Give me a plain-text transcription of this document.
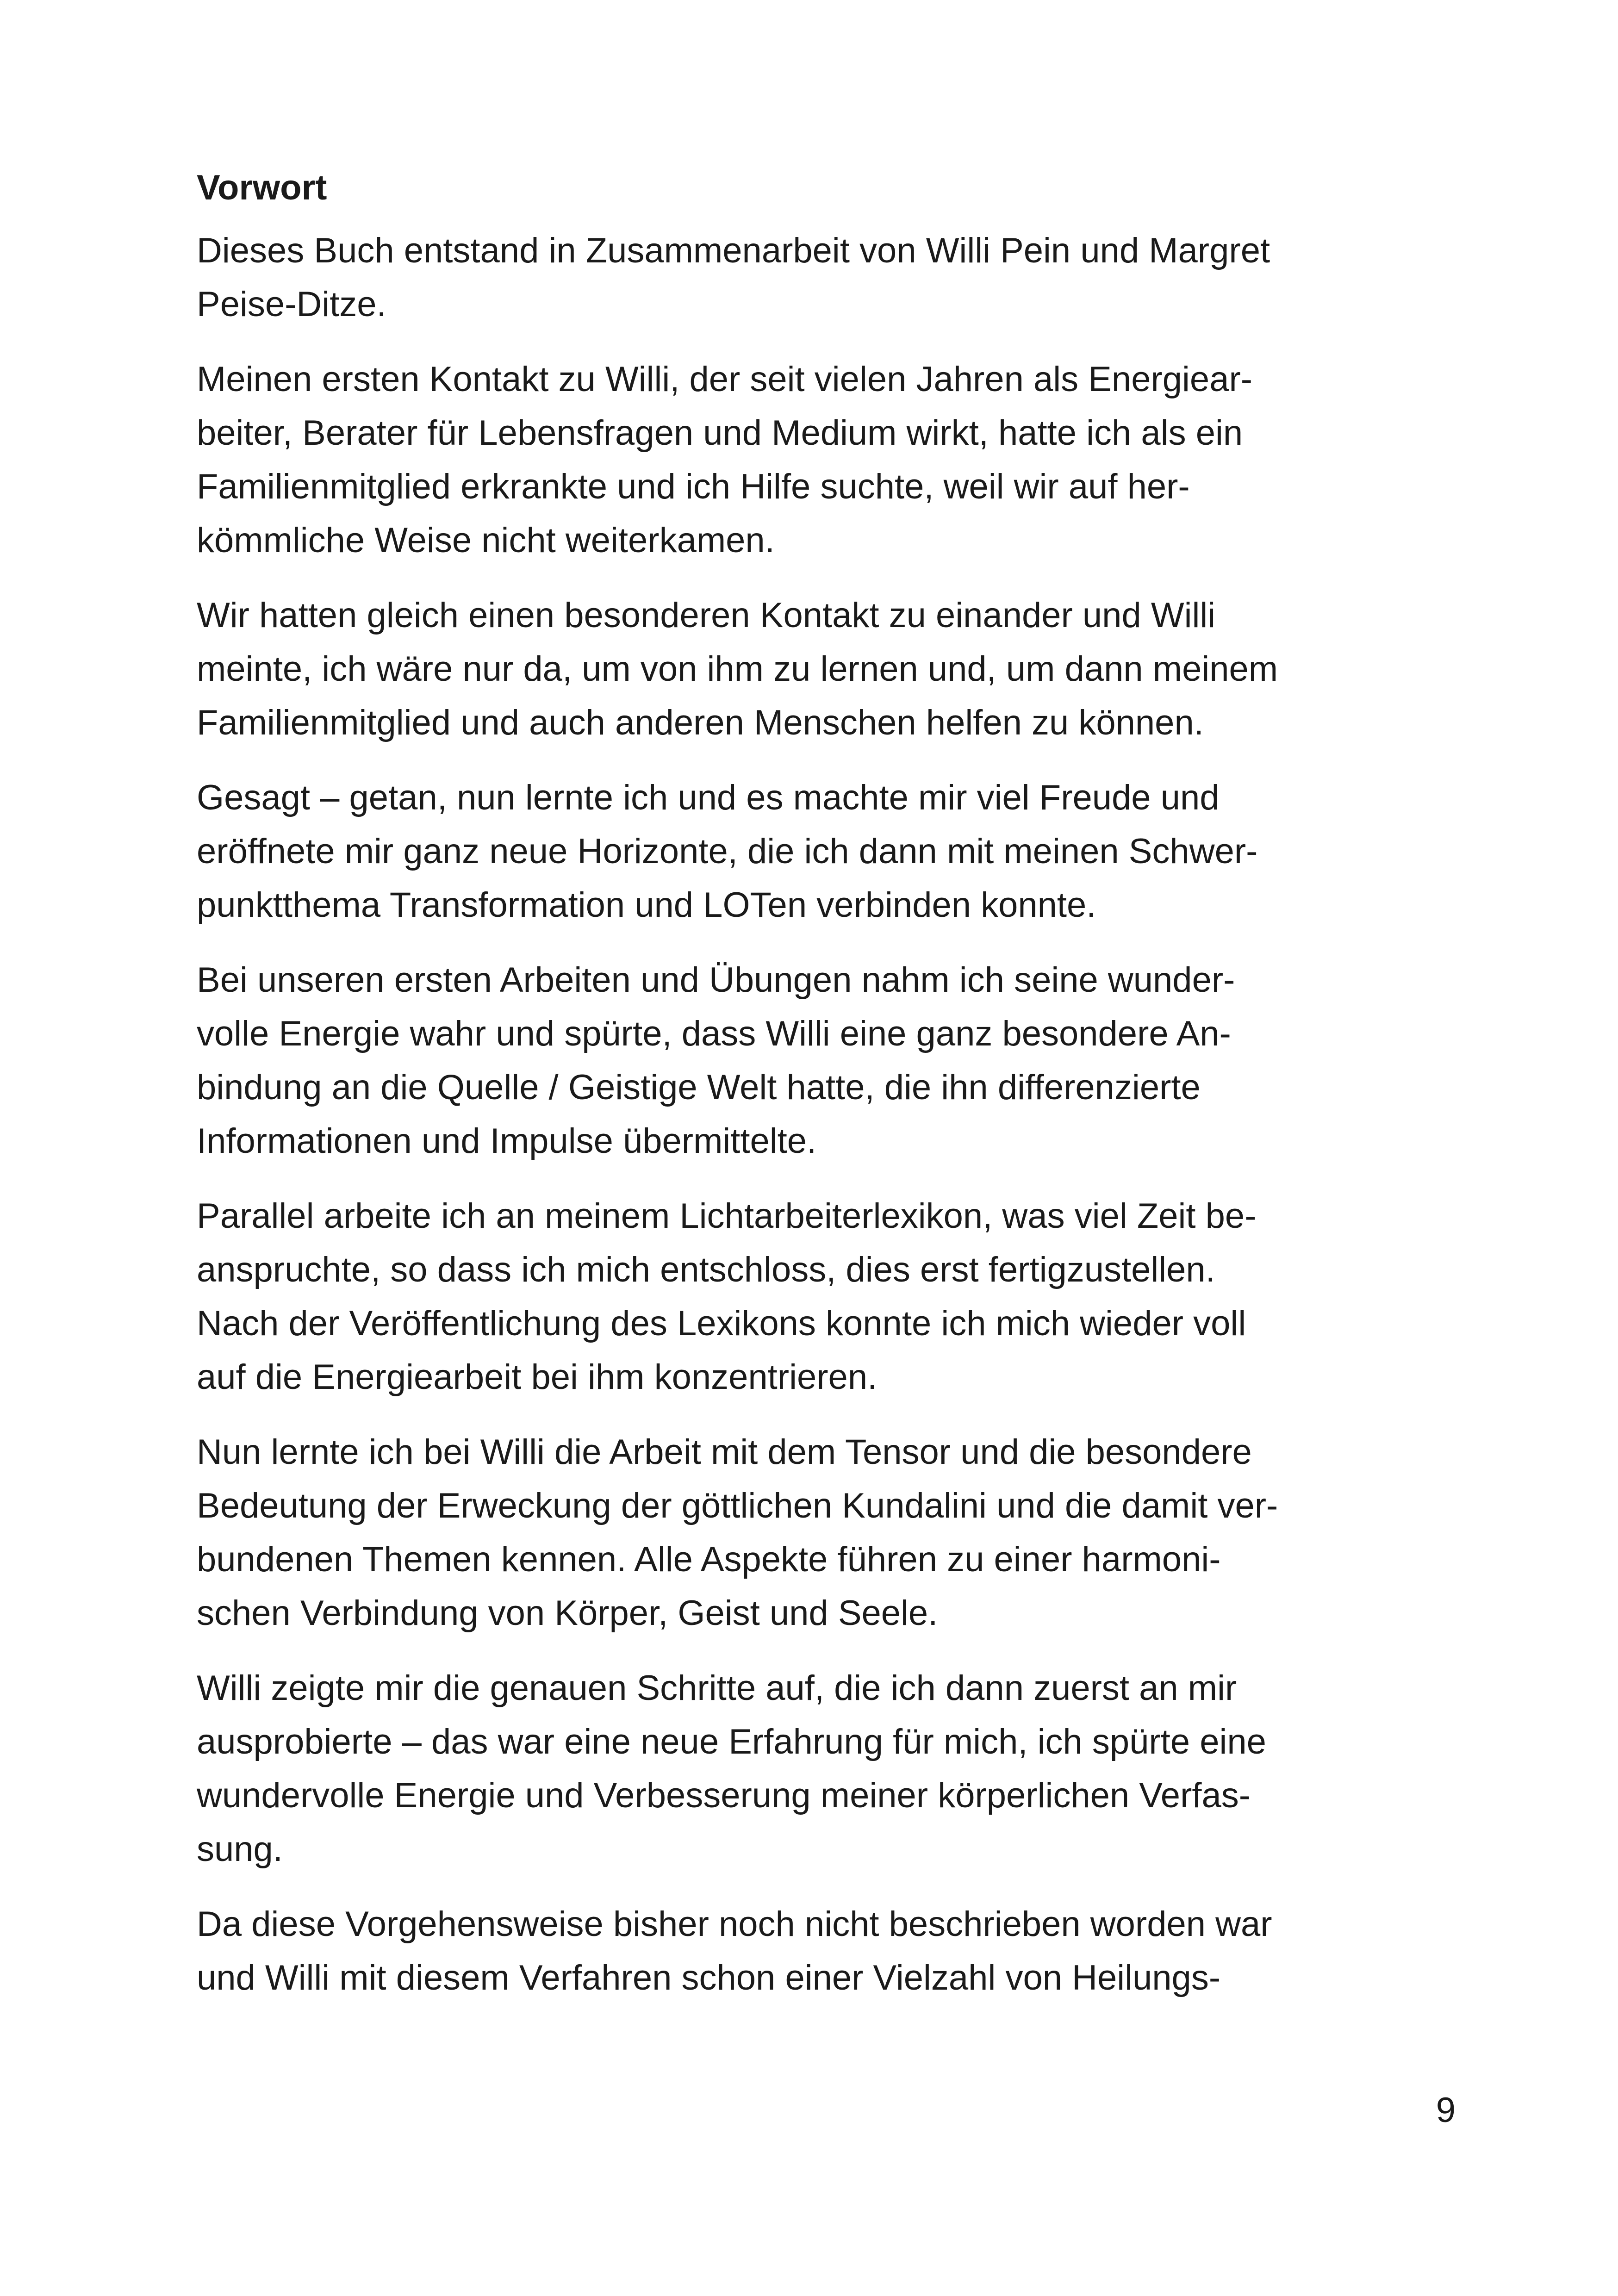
Vorwort

Dieses Buch entstand in Zusammenarbeit von Willi Pein und Margret
Peise-Ditze.

Meinen ersten Kontakt zu Willi, der seit vielen Jahren als Energiear-
beiter, Berater für Lebensfragen und Medium wirkt, hatte ich als ein
Familienmitglied erkrankte und ich Hilfe suchte, weil wir auf her-
kömmliche Weise nicht weiterkamen.

Wir hatten gleich einen besonderen Kontakt zu einander und Willi
meinte, ich wäre nur da, um von ihm zu lernen und, um dann meinem
Familienmitglied und auch anderen Menschen helfen zu können.

Gesagt – getan, nun lernte ich und es machte mir viel Freude und
eröffnete mir ganz neue Horizonte, die ich dann mit meinen Schwer-
punktthema Transformation und LOTen verbinden konnte.

Bei unseren ersten Arbeiten und Übungen nahm ich seine wunder-
volle Energie wahr und spürte, dass Willi eine ganz besondere An-
bindung an die Quelle / Geistige Welt hatte, die ihn differenzierte
Informationen und Impulse übermittelte.

Parallel arbeite ich an meinem Lichtarbeiterlexikon, was viel Zeit be-
anspruchte, so dass ich mich entschloss, dies erst fertigzustellen.
Nach der Veröffentlichung des Lexikons konnte ich mich wieder voll
auf die Energiearbeit bei ihm konzentrieren.

Nun lernte ich bei Willi die Arbeit mit dem Tensor und die besondere
Bedeutung der Erweckung der göttlichen Kundalini und die damit ver-
bundenen Themen kennen. Alle Aspekte führen zu einer harmoni-
schen Verbindung von Körper, Geist und Seele.

Willi zeigte mir die genauen Schritte auf, die ich dann zuerst an mir
ausprobierte – das war eine neue Erfahrung für mich, ich spürte eine
wundervolle Energie und Verbesserung meiner körperlichen Verfas-
sung.

Da diese Vorgehensweise bisher noch nicht beschrieben worden war
und Willi mit diesem Verfahren schon einer Vielzahl von Heilungs-

9
